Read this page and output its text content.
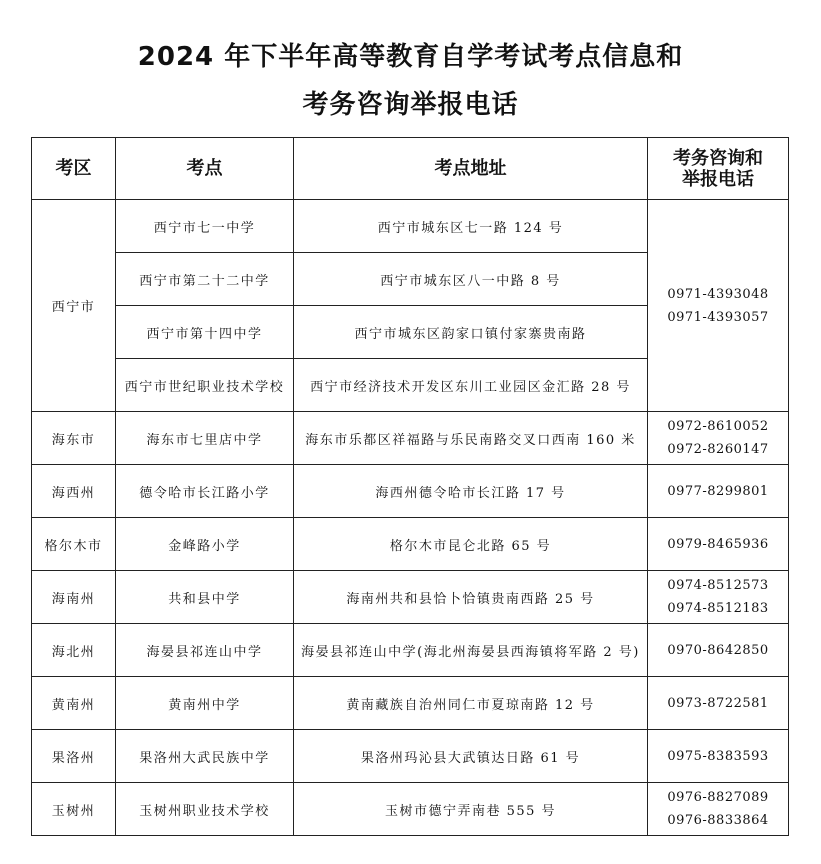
2024 年下半年高等教育自学考试考点信息和
考务咨询举报电话
考区	考点	考点地址	考务咨询和
举报电话

西宁市	西宁市七一中学	西宁市城东区七一路 124 号	0971-4393048
0971-4393057

	西宁市第二十二中学	西宁市城东区八一中路 8 号	
	西宁市第十四中学	西宁市城东区韵家口镇付家寨贵南路	
	西宁市世纪职业技术学校	西宁市经济技术开发区东川工业园区金汇路 28 号	
海东市	海东市七里店中学	海东市乐都区祥福路与乐民南路交叉口西南 160 米	0972-8610052
0972-8260147

海西州	德令哈市长江路小学	海西州德令哈市长江路 17 号	0977-8299801

格尔木市	金峰路小学	格尔木市昆仑北路 65 号	0979-8465936

海南州	共和县中学	海南州共和县恰卜恰镇贵南西路 25 号	0974-8512573
0974-8512183

海北州	海晏县祁连山中学	海晏县祁连山中学(海北州海晏县西海镇将军路 2 号)	0970-8642850

黄南州	黄南州中学	黄南藏族自治州同仁市夏琼南路 12 号	0973-8722581

果洛州	果洛州大武民族中学	果洛州玛沁县大武镇达日路 61 号	0975-8383593

玉树州	玉树州职业技术学校	玉树市德宁弄南巷 555 号	0976-8827089
0976-8833864
